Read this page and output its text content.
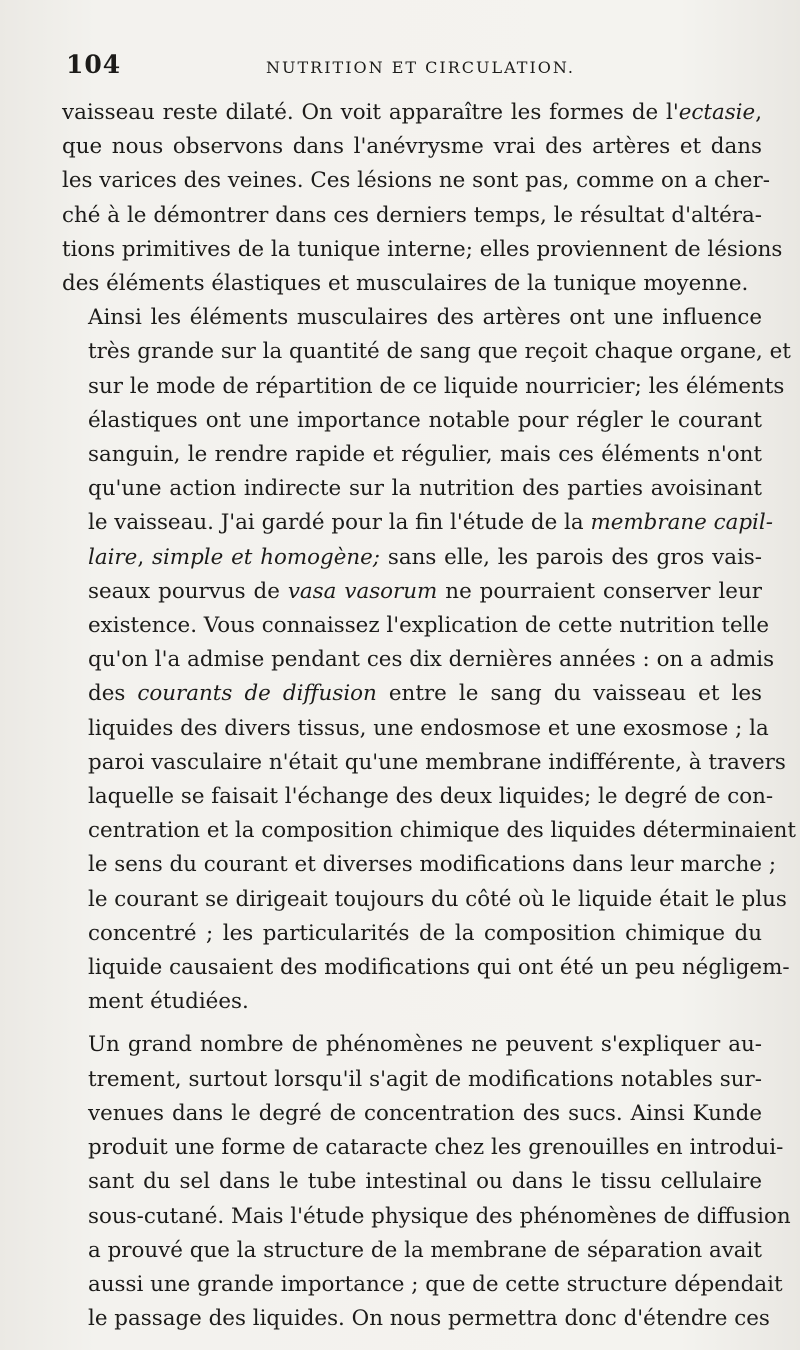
104	NUTRITION ET CIRCULATION.

vaisseau reste dilaté. On voit apparaître les formes de l'ectasie,
que nous observons dans l'anévrysme vrai des artères et dans
les varices des veines. Ces lésions ne sont pas, comme on a cher-
ché à le démontrer dans ces derniers temps, le résultat d'altéra-
tions primitives de la tunique interne; elles proviennent de lésions
des éléments élastiques et musculaires de la tunique moyenne.

Ainsi les éléments musculaires des artères ont une influence
très grande sur la quantité de sang que reçoit chaque organe, et
sur le mode de répartition de ce liquide nourricier; les éléments
élastiques ont une importance notable pour régler le courant
sanguin, le rendre rapide et régulier, mais ces éléments n'ont
qu'une action indirecte sur la nutrition des parties avoisinant
le vaisseau. J'ai gardé pour la fin l'étude de la membrane capil-
laire, simple et homogène; sans elle, les parois des gros vais-
seaux pourvus de vasa vasorum ne pourraient conserver leur
existence. Vous connaissez l'explication de cette nutrition telle
qu'on l'a admise pendant ces dix dernières années : on a admis
des courants de diffusion entre le sang du vaisseau et les
liquides des divers tissus, une endosmose et une exosmose ; la
paroi vasculaire n'était qu'une membrane indifférente, à travers
laquelle se faisait l'échange des deux liquides; le degré de con-
centration et la composition chimique des liquides déterminaient
le sens du courant et diverses modifications dans leur marche ;
le courant se dirigeait toujours du côté où le liquide était le plus
concentré ; les particularités de la composition chimique du
liquide causaient des modifications qui ont été un peu négligem-
ment étudiées.

Un grand nombre de phénomènes ne peuvent s'expliquer au-
trement, surtout lorsqu'il s'agit de modifications notables sur-
venues dans le degré de concentration des sucs. Ainsi Kunde
produit une forme de cataracte chez les grenouilles en introdui-
sant du sel dans le tube intestinal ou dans le tissu cellulaire
sous-cutané. Mais l'étude physique des phénomènes de diffusion
a prouvé que la structure de la membrane de séparation avait
aussi une grande importance ; que de cette structure dépendait
le passage des liquides. On nous permettra donc d'étendre ces
